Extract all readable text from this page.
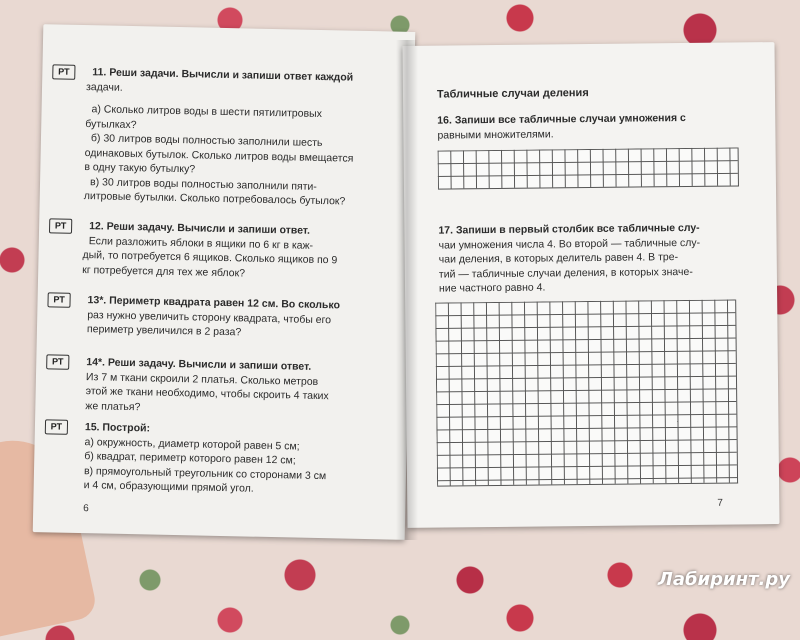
РТ	11. Реши задачи. Вычисли и запиши ответ каждой
задачи.
а) Сколько литров воды в шести пятилитровых
бутылках?
б) 30 литров воды полностью заполнили шесть
одинаковых бутылок. Сколько литров воды вмещается
в одну такую бутылку?
в) 30 литров воды полностью заполнили пяти-
литровые бутылки. Сколько потребовалось бутылок?
РТ	12. Реши задачу. Вычисли и запиши ответ.
Если разложить яблоки в ящики по 6 кг в каж-
дый, то потребуется 6 ящиков. Сколько ящиков по 9
кг потребуется для тех же яблок?
РТ	13*. Периметр квадрата равен 12 см. Во сколько
раз нужно увеличить сторону квадрата, чтобы его
периметр увеличился в 2 раза?
РТ	14*. Реши задачу. Вычисли и запиши ответ.
Из 7 м ткани скроили 2 платья. Сколько метров
этой же ткани необходимо, чтобы скроить 4 таких
же платья?
РТ	15. Построй:
а) окружность, диаметр которой равен 5 см;
б) квадрат, периметр которого равен 12 см;
в) прямоугольный треугольник со сторонами 3 см
и 4 см, образующими прямой угол.
6
Табличные случаи деления
16. Запиши все табличные случаи умножения с
равными множителями.
17. Запиши в первый столбик все табличные слу-
чаи умножения числа 4. Во второй — табличные слу-
чаи деления, в которых делитель равен 4. В тре-
тий — табличные случаи деления, в которых значе-
ние частного равно 4.
7
Лабиринт.ру
